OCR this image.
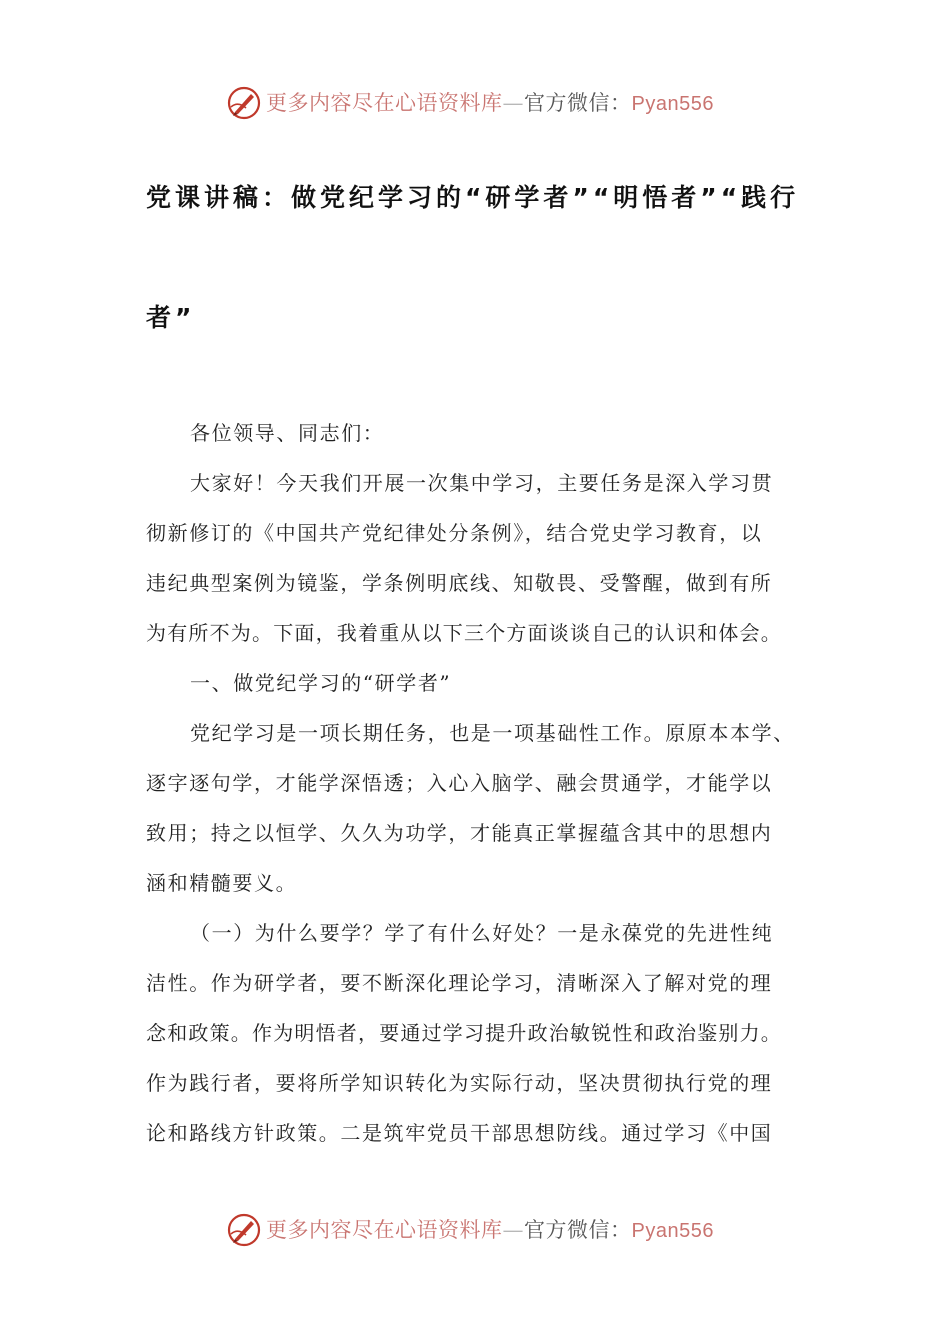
更多内容尽在心语资料库—官方微信：Pyan556
党课讲稿：做党纪学习的“研学者”“明悟者”“践行
者”
各位领导、同志们：
大家好！今天我们开展一次集中学习，主要任务是深入学习贯
彻新修订的《中国共产党纪律处分条例》，结合党史学习教育，以
违纪典型案例为镜鉴，学条例明底线、知敬畏、受警醒，做到有所
为有所不为。下面，我着重从以下三个方面谈谈自己的认识和体会。
一、做党纪学习的“研学者”
党纪学习是一项长期任务，也是一项基础性工作。原原本本学、
逐字逐句学，才能学深悟透；入心入脑学、融会贯通学，才能学以
致用；持之以恒学、久久为功学，才能真正掌握蕴含其中的思想内
涵和精髓要义。
（一）为什么要学？学了有什么好处？一是永葆党的先进性纯
洁性。作为研学者，要不断深化理论学习，清晰深入了解对党的理
念和政策。作为明悟者，要通过学习提升政治敏锐性和政治鉴别力。
作为践行者，要将所学知识转化为实际行动，坚决贯彻执行党的理
论和路线方针政策。二是筑牢党员干部思想防线。通过学习《中国
更多内容尽在心语资料库—官方微信：Pyan556
